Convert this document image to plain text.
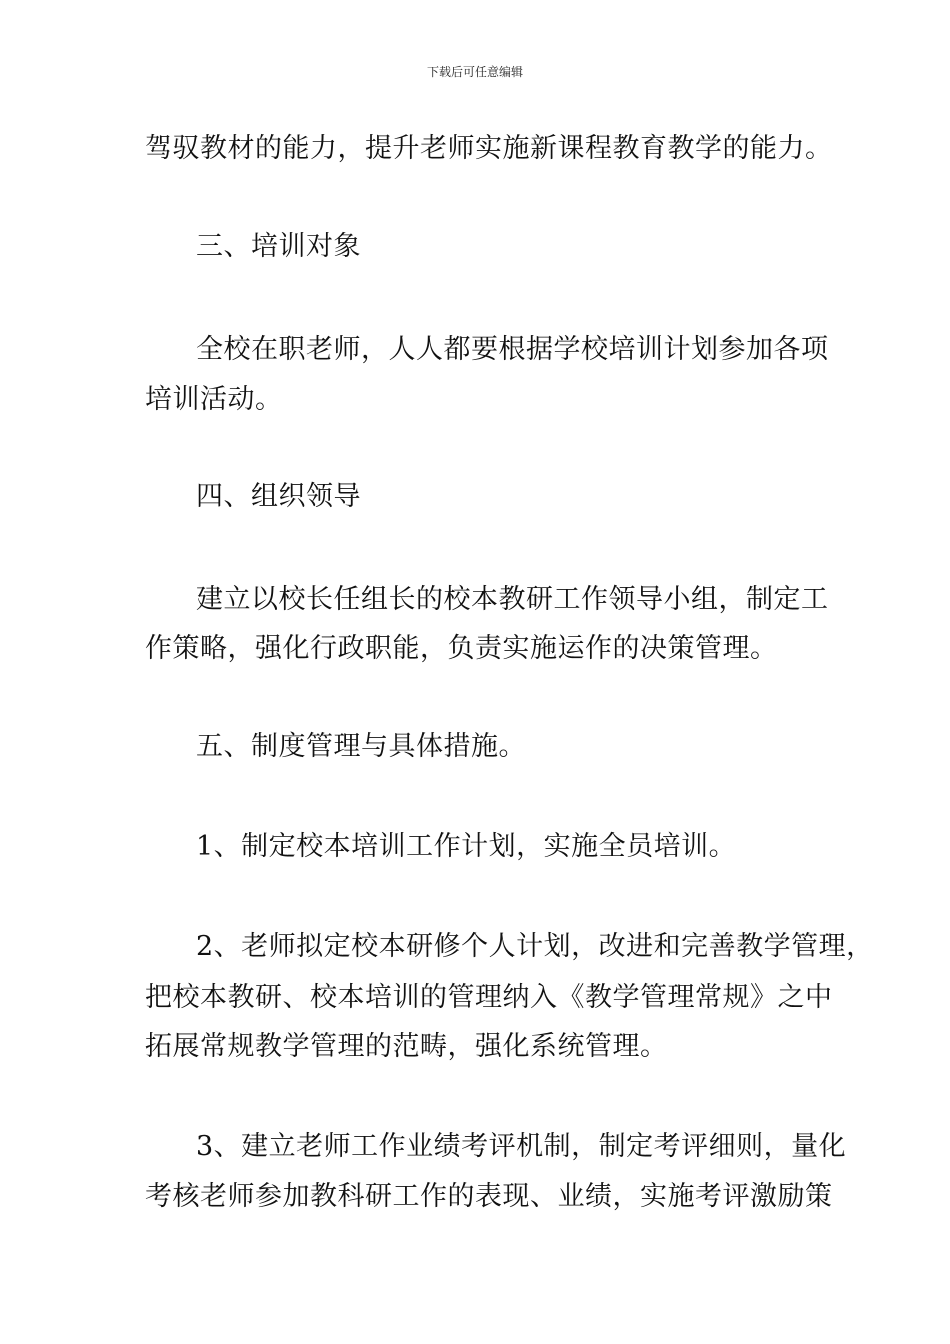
下载后可任意编辑
驾驭教材的能力，提升老师实施新课程教育教学的能力。
三、培训对象
全校在职老师，人人都要根据学校培训计划参加各项
培训活动。
四、组织领导
建立以校长任组长的校本教研工作领导小组，制定工
作策略，强化行政职能，负责实施运作的决策管理。
五、制度管理与具体措施。
1、制定校本培训工作计划，实施全员培训。
2、老师拟定校本研修个人计划，改进和完善教学管理，
把校本教研、校本培训的管理纳入《教学管理常规》之中
拓展常规教学管理的范畴，强化系统管理。
3、建立老师工作业绩考评机制，制定考评细则，量化
考核老师参加教科研工作的表现、业绩，实施考评激励策
